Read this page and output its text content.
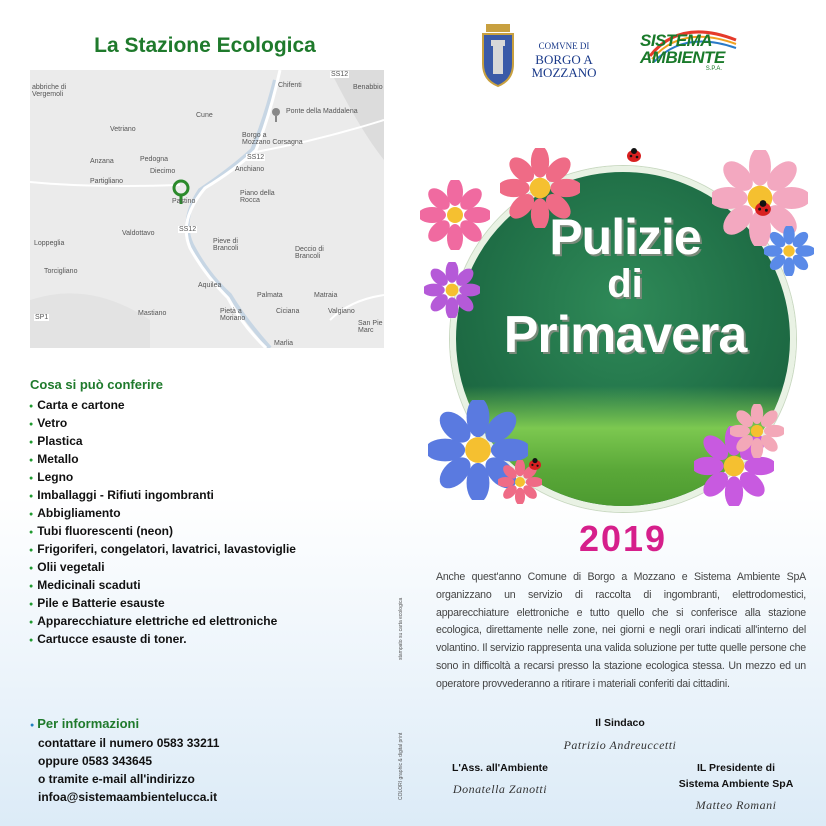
La Stazione Ecologica
Chifenti	Benabbio
Ponte della Maddalena
abbriche di
Vergemoli
Cune
Vetriano
Borgo a
Mozzano Corsagna
Anzana	Pedogna
Diecimo	Anchiano
Partigliano
Piano della
Rocca
Pastino
Valdottavo
Pieve di
Brancoli	Deccio di
Brancoli
Loppeglia
Torcigliano
Aquilea
Palmata	Matraia
Mastiano	Pietà a
Moriano
Ciciana	Valgiano
San Pie
Marc
Marlia
SS12
SS12
SS12
SP1
Cosa si può conferire
● Carta e cartone
● Vetro
● Plastica
● Metallo
● Legno
● Imballaggi - Rifiuti ingombranti
● Abbigliamento
● Tubi fluorescenti (neon)
● Frigoriferi, congelatori, lavatrici, lavastoviglie
● Olii vegetali
● Medicinali scaduti
● Pile e Batterie esauste
● Apparecchiature elettriche ed elettroniche
● Cartucce esauste di toner.
● Per informazioni
contattare il numero 0583 33211
oppure 0583 343645
o tramite e-mail all'indirizzo
infoa@sistemaambientelucca.it
stampato su carta ecologica
COLORI graphic & digital print
COMVNE DI
BORGO A
MOZZANO
SISTEMA
AMBIENTE
S.P.A.
Pulizie
di
Primavera
2019
Anche quest'anno Comune di Borgo a Mozzano e Sistema Ambiente SpA organizzano un servizio di raccolta di ingombranti, elettrodomestici, apparecchiature elettroniche e tutto quello che si conferisce alla stazione ecologica, direttamente nelle zone, nei giorni e negli orari indicati all'interno del volantino. Il servizio rappresenta una valida soluzione per tutte quelle persone che sono in difficoltà a recarsi presso la stazione ecologica stessa. Un mezzo ed un operatore provvederanno a ritirare i materiali conferiti dai cittadini.
Il Sindaco
Patrizio Andreuccetti
L'Ass. all'Ambiente
Donatella Zanotti
IL Presidente di
Sistema Ambiente SpA
Matteo Romani
